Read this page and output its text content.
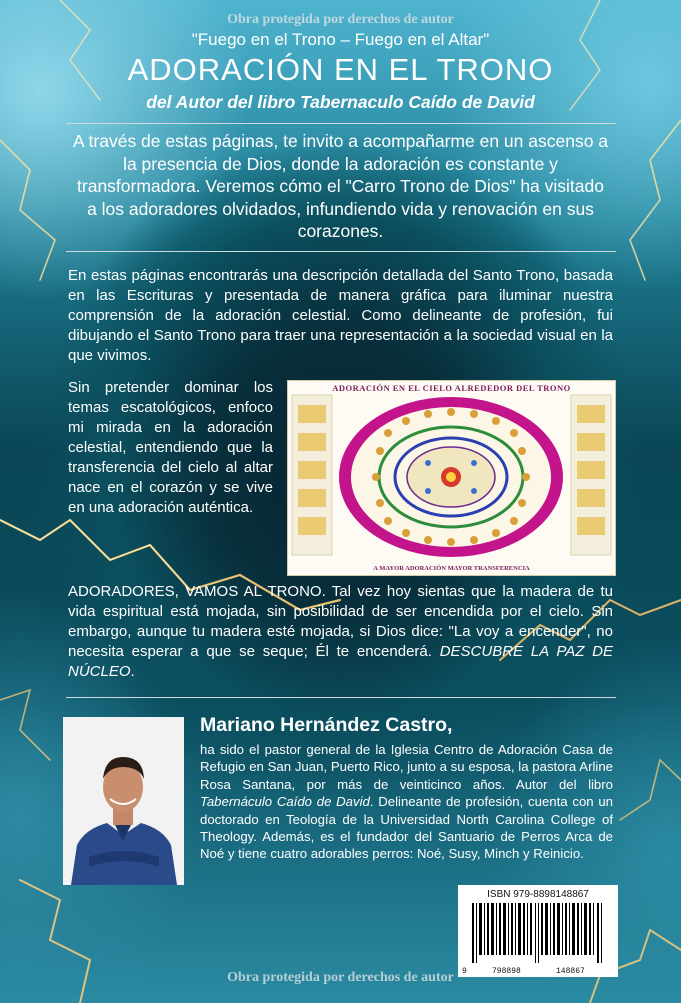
Obra protegida por derechos de autor
"Fuego en el Trono – Fuego en el Altar"
ADORACIÓN EN EL TRONO
del Autor del libro Tabernaculo Caído de David
A través de estas páginas, te invito a acompañarme en un ascenso a la presencia de Dios, donde la adoración es constante y transformadora. Veremos cómo el "Carro Trono de Dios" ha visitado a los adoradores olvidados, infundiendo vida y renovación en sus corazones.
En estas páginas encontrarás una descripción detallada del Santo Trono, basada en las Escrituras y presentada de manera gráfica para iluminar nuestra comprensión de la adoración celestial. Como delineante de profesión, fui dibujando el Santo Trono para traer una representación a la sociedad visual en la que vivimos.
Sin pretender dominar los temas escatológicos, enfoco mi mirada en la adoración celestial, entendiendo que la transferencia del cielo al altar nace en el corazón y se vive en una adoración auténtica.
ADORACIÓN EN EL CIELO ALREDEDOR DEL TRONO
A MAYOR ADORACIÓN MAYOR TRANSFERENCIA
ADORADORES, VAMOS AL TRONO. Tal vez hoy sientas que la madera de tu vida espiritual está mojada, sin posibilidad de ser encendida por el cielo. Sin embargo, aunque tu madera esté mojada, si Dios dice: "La voy a encender", no necesita esperar a que se seque; Él te encenderá. DESCUBRE LA PAZ DE NÚCLEO.
Mariano Hernández Castro,
ha sido el pastor general de la Iglesia Centro de Adoración Casa de Refugio en San Juan, Puerto Rico, junto a su esposa, la pastora Arline Rosa Santana, por más de veinticinco años. Autor del libro Tabernáculo Caído de David. Delineante de profesión, cuenta con un doctorado en Teología de la Universidad North Carolina College of Theology. Además, es el fundador del Santuario de Perros Arca de Noé y tiene cuatro adorables perros: Noé, Susy, Minch y Reinicio.
ISBN 979-8898148867
9	798898	148867
Obra protegida por derechos de autor
